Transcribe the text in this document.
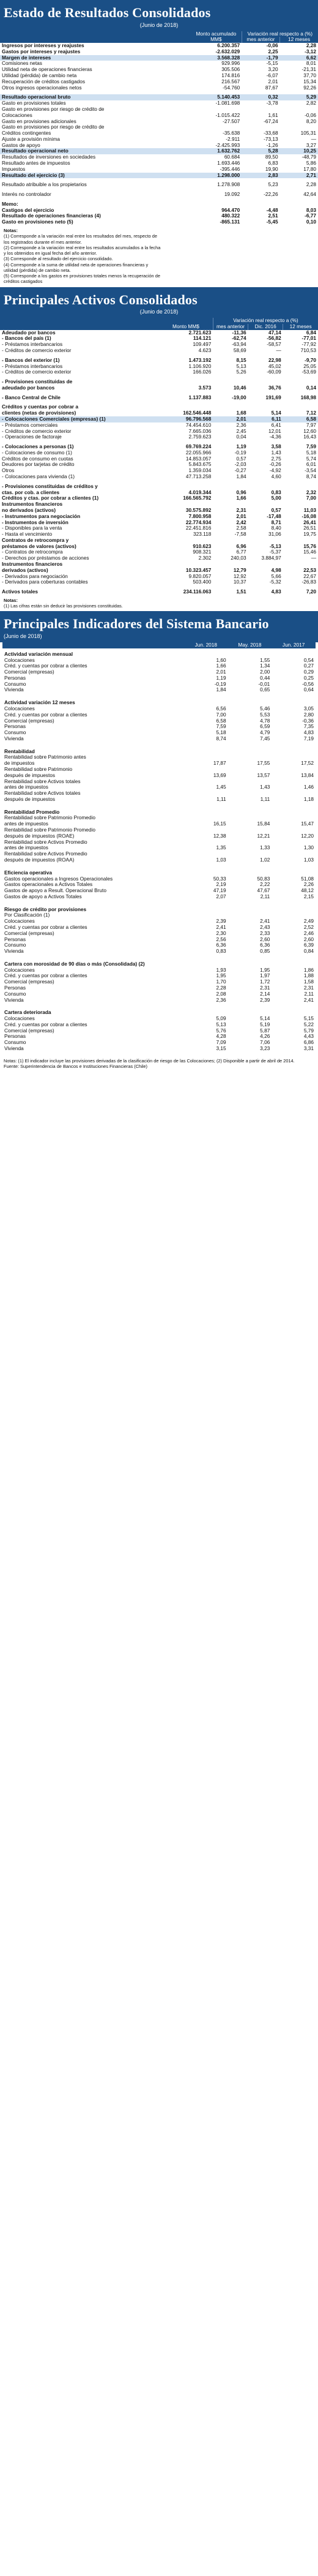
Estado de Resultados Consolidados
(Junio de 2018)
	Monto acumulado MM$	Variación real respecto a (%)	
		mes anterior	12 meses
Ingresos por intereses y reajustes	6.200.357	-0,06	2,28
Gastos por intereses y reajustes	-2.632.029	2,25	-3,12
Margen de intereses	3.568.328	-1,79	6,62
Comisiones netas	929.996	-5,15	8,01
Utilidad neta de operaciones financieras	305.506	3,20	-21,31
Utilidad (pérdida) de cambio neta	174.816	-6,07	37,70
Recuperación de créditos castigados	216.567	2,01	15,34
Otros ingresos operacionales netos	-54.760	87,67	92,26

Resultado operacional bruto	5.140.453	0,32	5,29
Gasto en provisiones totales	-1.081.698	-3,78	2,82
Gasto en provisiones por riesgo de crédito de			
Colocaciones	-1.015.422	1,61	-0,06
Gasto en provisiones adicionales	-27.507	-67,24	8,20
Gasto en provisiones por riesgo de crédito de			
Créditos contingentes	-35.638	-33,68	105,31
Ajuste a provisión mínima	-2.911	-73,13	—
Gastos de apoyo	-2.425.993	-1,26	3,27
Resultado operacional neto	1.632.762	5,28	10,25
Resultados de inversiones en sociedades	60.684	89,50	-48,79
Resultado antes de impuestos	1.693.446	6,83	5,86
Impuestos	-395.446	19,90	17,80
Resultado del ejercicio (3)	1.298.000	2,83	2,71

Resultado atribuible a los propietarios	1.278.908	5,23	2,28

Interés no controlador	19.092	-22,26	42,64

Memo:			
Castigos del ejercicio	964.470	-4,48	8,03
Resultado de operaciones financieras (4)	480.322	2,51	-6,77
Gasto en provisiones neto (5)	-865.131	-5,45	0,10
Notas:
(1) Corresponde a la variación real entre los resultados del mes, respecto de
los registrados durante el mes anterior.
(2) Corresponde a la variación real entre los resultados acumulados a la fecha
y los obtenidos en igual fecha del año anterior.
(3) Corresponde al resultado del ejercicio consolidado.
(4) Corresponde a la suma de utilidad neta de operaciones financieras y
utilidad (pérdida) de cambio neta.
(5) Corresponde a los gastos en provisiones totales menos la recuperación de
créditos castigados
Principales Activos Consolidados
(Junio de 2018)
	Monto MM$	Variación real respecto a (%)		
		mes anterior	Dic. 2016	12 meses
Adeudado por bancos	2.721.623	-11,36	47,14	6,84
- Bancos del país (1)	114.121	-62,74	-56,82	-77,01
- Préstamos interbancarios	109.497	-63,94	-58,57	-77,92
- Créditos de comercio exterior	4.623	58,69	—	710,53

- Bancos del exterior (1)	1.473.192	8,15	22,98	-9,70
- Préstamos interbancarios	1.106.920	5,13	45,02	25,05
- Créditos de comercio exterior	166.026	5,26	-60,09	-53,69

- Provisiones constituidas de				
adeudado por bancos	3.573	10,46	36,76	0,14

- Banco Central de Chile	1.137.883	-19,00	191,69	168,98

Créditos y cuentas por cobrar a				
clientes (netas de provisiones)	162.546.448	1,68	5,14	7,12
- Colocaciones Comerciales (empresas) (1)	96.796.568	2,01	6,11	6,58
- Préstamos comerciales	74.454.610	2,36	6,41	7,97
- Créditos de comercio exterior	7.665.036	2,45	12,01	12,60
- Operaciones de factoraje	2.759.623	0,04	-4,36	16,43

- Colocaciones a personas (1)	69.769.224	1,19	3,58	7,59
- Colocaciones de consumo (1)	22.055.966	-0,19	1,43	5,18
Créditos de consumo en cuotas	14.853.057	0,57	2,75	5,74
Deudores por tarjetas de crédito	5.843.675	-2,03	-0,26	6,01
Otros	1.359.034	-0,27	-4,92	-3,54
- Colocaciones para vivienda (1)	47.713.258	1,84	4,60	8,74

- Provisiones constituidas de créditos y				
ctas. por cob. a clientes	4.019.344	0,96	0,83	2,32
Créditos y ctas. por cobrar a clientes (1)	166.565.792	1,66	5,00	7,00
Instrumentos financieros				
no derivados (activos)	30.575.892	2,31	0,57	11,03
- Instrumentos para negociación	7.800.958	2,01	-17,48	-16,08
- Instrumentos de inversión	22.774.934	2,42	8,71	26,41
- Disponibles para la venta	22.451.816	2,58	8,40	26,51
- Hasta el vencimiento	323.118	-7,58	31,06	19,75
Contratos de retrocompra y				
préstamos de valores (activos)	910.623	6,96	-5,13	15,76
- Contratos de retrocompra	908.321	6,77	-5,37	15,46
- Derechos por préstamos de acciones	2.302	240,03	3.884,97	—
Instrumentos financieros				
derivados (activos)	10.323.457	12,79	4,98	22,53
- Derivados para negociación	9.820.057	12,92	5,66	22,67
- Derivados para coberturas contables	503.400	10,37	-5,32	-26,83

Activos totales	234.116.063	1,51	4,83	7,20
Notas:
(1) Las cifras están sin deducir las provisiones constituidas.
Principales Indicadores del Sistema Bancario
(Junio de 2018)
	Jun. 2018	May. 2018	Jun. 2017
Actividad variación mensual			
Colocaciones	1,60	1,55	0,54
Créd. y cuentas por cobrar a clientes	1,66	1,34	0,27
Comercial (empresas)	2,01	2,00	0,29
Personas	1,19	0,44	0,25
Consumo	-0,19	-0,01	-0,56
Vivienda	1,84	0,65	0,64

Actividad variación 12 meses			
Colocaciones	6,56	5,46	3,05
Créd. y cuentas por cobrar a clientes	7,00	5,53	2,80
Comercial (empresas)	6,58	4,78	-0,36
Personas	7,59	6,59	7,35
Consumo	5,18	4,79	4,83
Vivienda	8,74	7,45	7,19

Rentabilidad			
Rentabilidad sobre Patrimonio antes			
de impuestos	17,87	17,55	17,52
Rentabilidad sobre Patrimonio			
después de impuestos	13,69	13,57	13,84
Rentabilidad sobre Activos totales			
antes de impuestos	1,45	1,43	1,46
Rentabilidad sobre Activos totales			
después de impuestos	1,11	1,11	1,18

Rentabilidad Promedio			
Rentabilidad sobre Patrimonio Promedio			
antes de impuestos	16,15	15,84	15,47
Rentabilidad sobre Patrimonio Promedio			
después de impuestos (ROAE)	12,38	12,21	12,20
Rentabilidad sobre Activos Promedio			
antes de impuestos	1,35	1,33	1,30
Rentabilidad sobre Activos Promedio			
después de impuestos (ROAA)	1,03	1,02	1,03

Eficiencia operativa			
Gastos operacionales a Ingresos Operacionales	50,33	50,83	51,08
Gastos operacionales a Activos Totales	2,19	2,22	2,26
Gastos de apoyo a Result. Operacional Bruto	47,19	47,67	48,12
Gastos de apoyo a Activos Totales	2,07	2,11	2,15

Riesgo de crédito por provisiones			
Por Clasificación (1)			
Colocaciones	2,39	2,41	2,49
Créd. y cuentas por cobrar a clientes	2,41	2,43	2,52
Comercial (empresas)	2,30	2,33	2,46
Personas	2,56	2,60	2,60
Consumo	6,36	6,36	6,39
Vivienda	0,83	0,85	0,84

Cartera con morosidad de 90 días o más (Consolidada) (2)			
Colocaciones	1,93	1,95	1,86
Créd. y cuentas por cobrar a clientes	1,95	1,97	1,88
Comercial (empresas)	1,70	1,72	1,58
Personas	2,28	2,31	2,31
Consumo	2,08	2,14	2,11
Vivienda	2,36	2,39	2,41

Cartera deteriorada			
Colocaciones	5,09	5,14	5,15
Créd. y cuentas por cobrar a clientes	5,13	5,19	5,22
Comercial (empresas)	5,76	5,87	5,79
Personas	4,28	4,26	4,43
Consumo	7,09	7,06	6,86
Vivienda	3,15	3,23	3,31

Notas: (1) El indicador incluye las provisiones derivadas de la clasificación de riesgo de las Colocaciones; (2) Disponible a partir de abril de 2014.
Fuente: Superintendencia de Bancos e Instituciones Financieras (Chile)
